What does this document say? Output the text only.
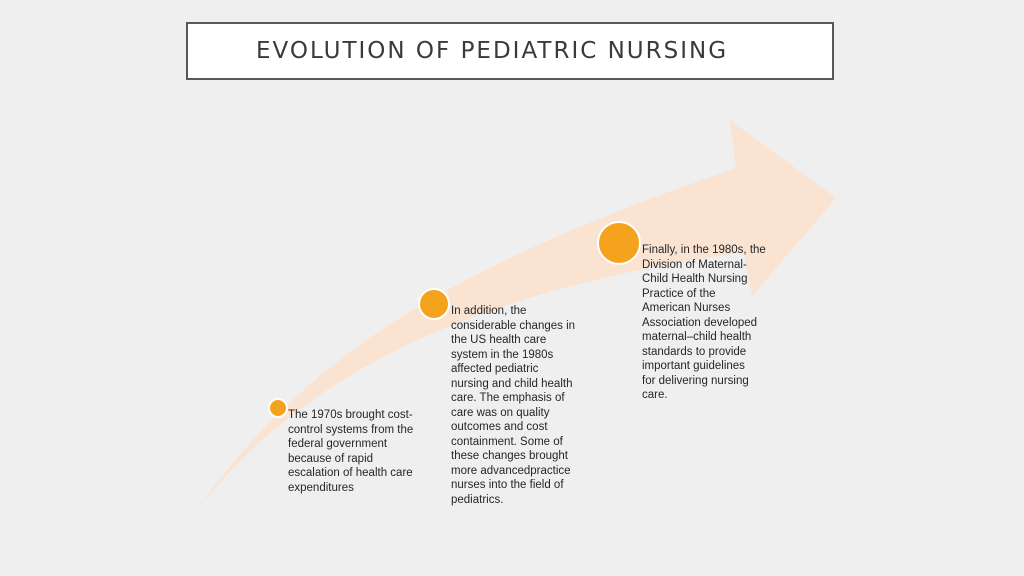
EVOLUTION OF PEDIATRIC NURSING
The 1970s brought cost-
control systems from the
federal government
because of rapid
escalation of health care
expenditures
In addition, the
considerable changes in
the US health care
system in the 1980s
affected pediatric
nursing and child health
care. The emphasis of
care was on quality
outcomes and cost
containment. Some of
these changes brought
more advancedpractice
nurses into the field of
pediatrics.
Finally, in the 1980s, the
Division of Maternal-
Child Health Nursing
Practice of the
American Nurses
Association developed
maternal–child health
standards to provide
important guidelines
for delivering nursing
care.
